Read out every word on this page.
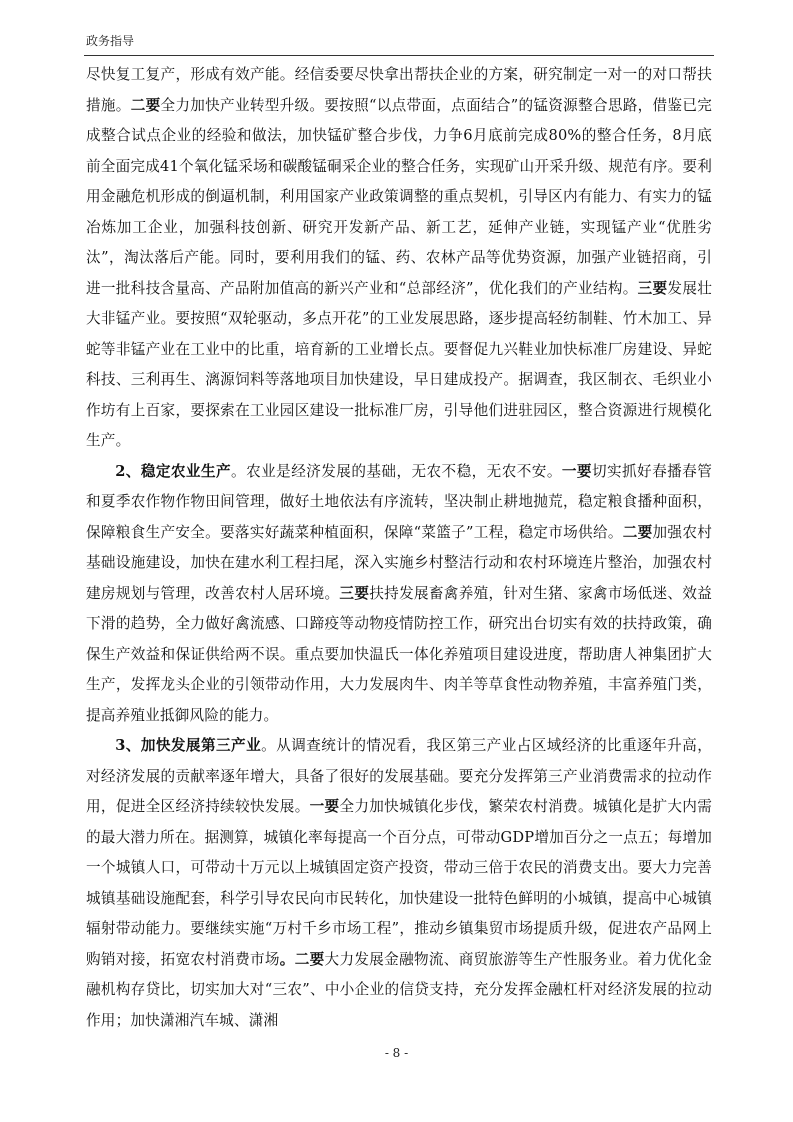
政务指导

尽快复工复产，形成有效产能。经信委要尽快拿出帮扶企业的方案，研究制定一对一的对口帮扶措施。二要全力加快产业转型升级。要按照“以点带面，点面结合”的锰资源整合思路，借鉴已完成整合试点企业的经验和做法，加快锰矿整合步伐，力争6月底前完成80%的整合任务，8月底前全面完成41个氧化锰采场和碳酸锰硐采企业的整合任务，实现矿山开采升级、规范有序。要利用金融危机形成的倒逼机制，利用国家产业政策调整的重点契机，引导区内有能力、有实力的锰冶炼加工企业，加强科技创新、研究开发新产品、新工艺，延伸产业链，实现锰产业“优胜劣汰”，淘汰落后产能。同时，要利用我们的锰、药、农林产品等优势资源，加强产业链招商，引进一批科技含量高、产品附加值高的新兴产业和“总部经济”，优化我们的产业结构。三要发展壮大非锰产业。要按照“双轮驱动，多点开花”的工业发展思路，逐步提高轻纺制鞋、竹木加工、异蛇等非锰产业在工业中的比重，培育新的工业增长点。要督促九兴鞋业加快标准厂房建设、异蛇科技、三利再生、漓源饲料等落地项目加快建设，早日建成投产。据调查，我区制衣、毛织业小作坊有上百家，要探索在工业园区建设一批标准厂房，引导他们进驻园区，整合资源进行规模化生产。

2、稳定农业生产。农业是经济发展的基础，无农不稳，无农不安。一要切实抓好春播春管和夏季农作物作物田间管理，做好土地依法有序流转，坚决制止耕地抛荒，稳定粮食播种面积，保障粮食生产安全。要落实好蔬菜种植面积，保障“菜篮子”工程，稳定市场供给。二要加强农村基础设施建设，加快在建水利工程扫尾，深入实施乡村整洁行动和农村环境连片整治，加强农村建房规划与管理，改善农村人居环境。三要扶持发展畜禽养殖，针对生猪、家禽市场低迷、效益下滑的趋势，全力做好禽流感、口蹄疫等动物疫情防控工作，研究出台切实有效的扶持政策，确保生产效益和保证供给两不误。重点要加快温氏一体化养殖项目建设进度，帮助唐人神集团扩大生产，发挥龙头企业的引领带动作用，大力发展肉牛、肉羊等草食性动物养殖，丰富养殖门类，提高养殖业抵御风险的能力。

3、加快发展第三产业。从调查统计的情况看，我区第三产业占区域经济的比重逐年升高，对经济发展的贡献率逐年增大，具备了很好的发展基础。要充分发挥第三产业消费需求的拉动作用，促进全区经济持续较快发展。一要全力加快城镇化步伐，繁荣农村消费。城镇化是扩大内需的最大潜力所在。据测算，城镇化率每提高一个百分点，可带动GDP增加百分之一点五；每增加一个城镇人口，可带动十万元以上城镇固定资产投资，带动三倍于农民的消费支出。要大力完善城镇基础设施配套，科学引导农民向市民转化，加快建设一批特色鲜明的小城镇，提高中心城镇辐射带动能力。要继续实施“万村千乡市场工程”，推动乡镇集贸市场提质升级，促进农产品网上购销对接，拓宽农村消费市场。二要大力发展金融物流、商贸旅游等生产性服务业。着力优化金融机构存贷比，切实加大对“三农”、中小企业的信贷支持，充分发挥金融杠杆对经济发展的拉动作用；加快潇湘汽车城、潇湘

- 8 -
